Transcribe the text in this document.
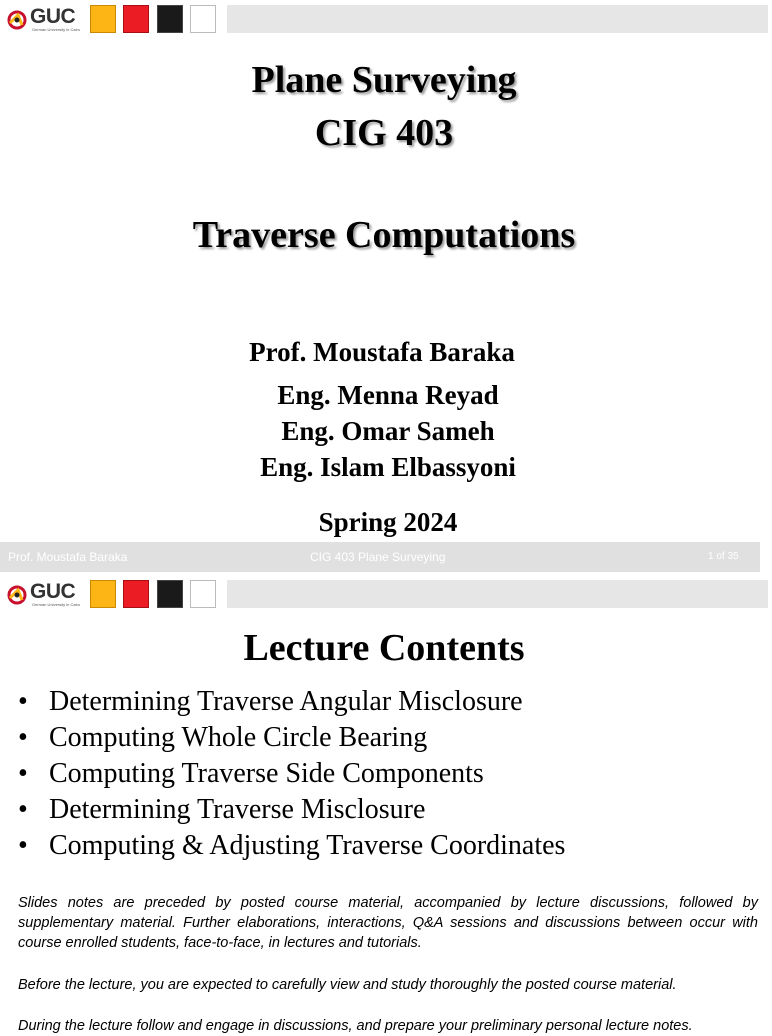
GUC
German University in Cairo
Plane Surveying
CIG 403
Traverse Computations
Prof. Moustafa Baraka
Eng. Menna Reyad
Eng. Omar Sameh
Eng. Islam Elbassyoni
Spring 2024
Prof. Moustafa Baraka	CIG 403 Plane Surveying	1 of 35
GUC
German University in Cairo
Lecture Contents
• Determining Traverse Angular Misclosure
• Computing Whole Circle Bearing
• Computing Traverse Side Components
• Determining Traverse Misclosure
• Computing & Adjusting Traverse Coordinates

Slides notes are preceded by posted course material, accompanied by lecture discussions, followed by supplementary material. Further elaborations, interactions, Q&A sessions and discussions between occur with course enrolled students, face-to-face, in lectures and tutorials.

Before the lecture, you are expected to carefully view and study thoroughly the posted course material.

During the lecture follow and engage in discussions, and prepare your preliminary personal lecture notes.
